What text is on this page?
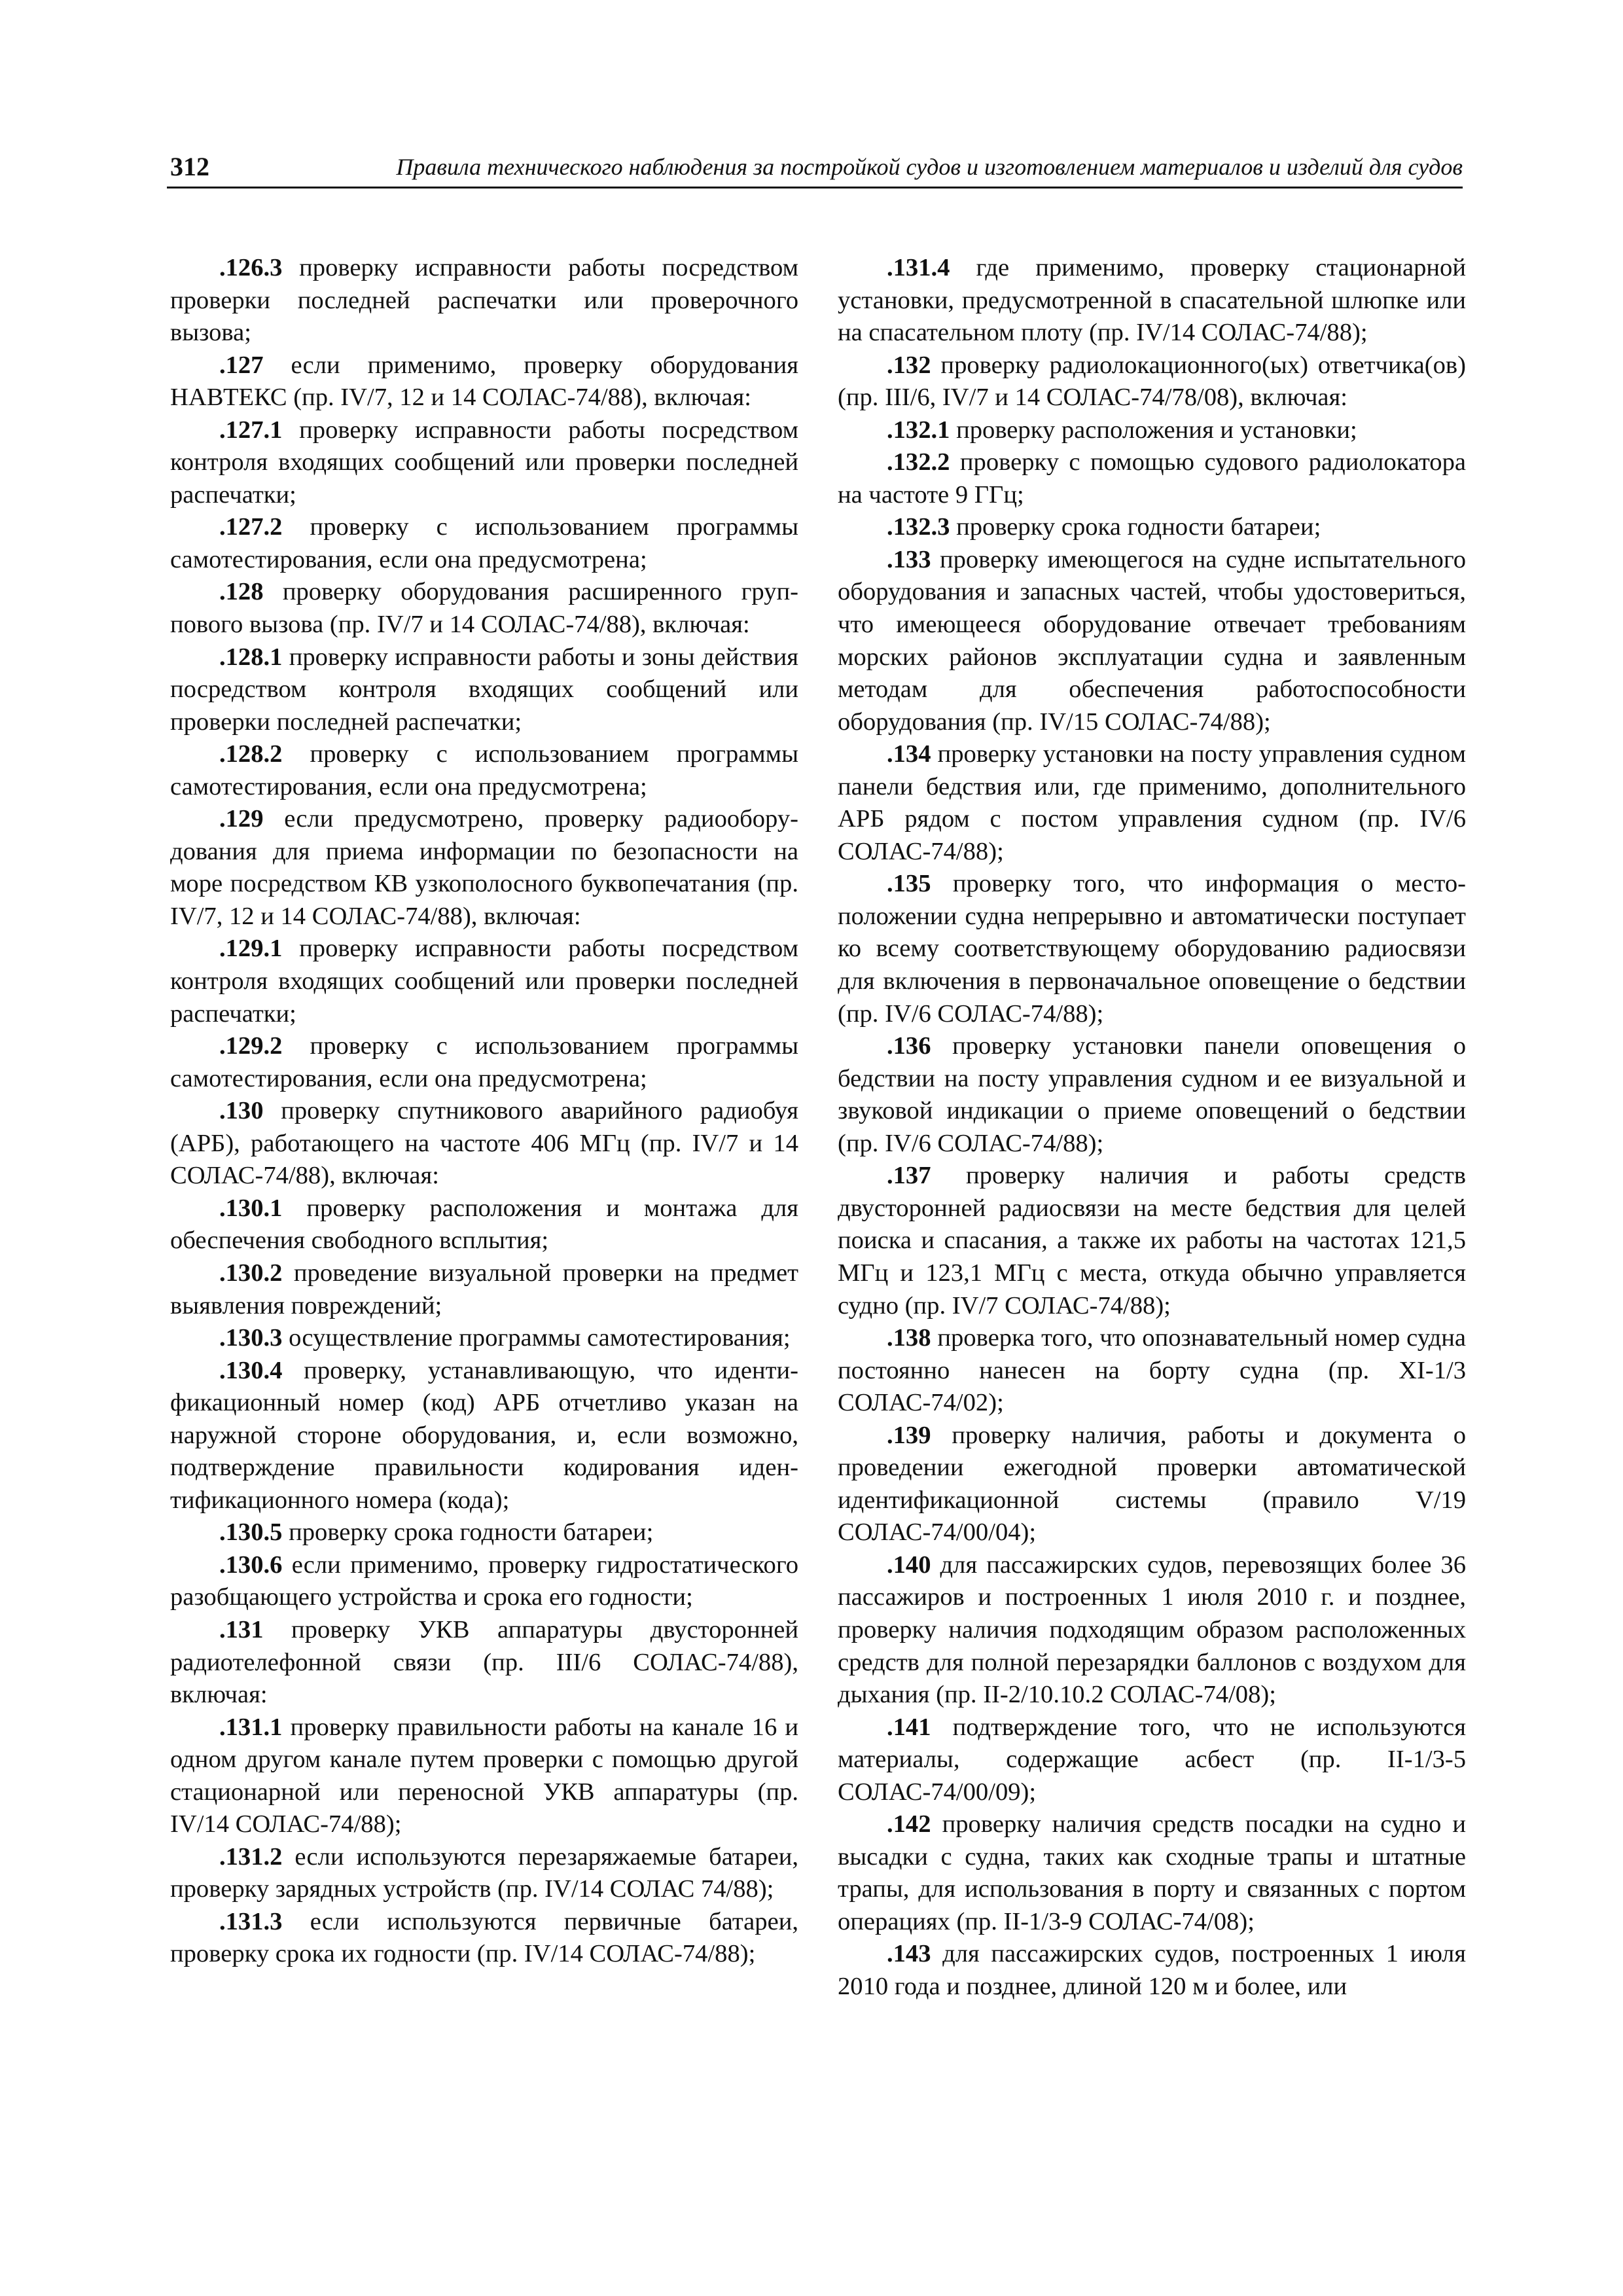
312	Правила технического наблюдения за постройкой судов и изготовлением материалов и изделий для судов

.126.3 проверку исправности работы посредством проверки последней распечатки или проверочного вызова;

.127 если применимо, проверку оборудования НАВТЕКС (пр. IV/7, 12 и 14 СОЛАС-74/88), включая:

.127.1 проверку исправности работы посредством контроля входящих сообщений или проверки последней распечатки;

.127.2 проверку с использованием программы самотестирования, если она предусмотрена;

.128 проверку оборудования расширенного группового вызова (пр. IV/7 и 14 СОЛАС-74/88), включая:

.128.1 проверку исправности работы и зоны действия посредством контроля входящих сообщений или проверки последней распечатки;

.128.2 проверку с использованием программы самотестирования, если она предусмотрена;

.129 если предусмотрено, проверку радиооборудования для приема информации по безопасности на море посредством КВ узкополосного буквопечатания (пр. IV/7, 12 и 14 СОЛАС-74/88), включая:

.129.1 проверку исправности работы посредством контроля входящих сообщений или проверки последней распечатки;

.129.2 проверку с использованием программы самотестирования, если она предусмотрена;

.130 проверку спутникового аварийного радиобуя (АРБ), работающего на частоте 406 МГц (пр. IV/7 и 14 СОЛАС-74/88), включая:

.130.1 проверку расположения и монтажа для обеспечения свободного всплытия;

.130.2 проведение визуальной проверки на предмет выявления повреждений;

.130.3 осуществление программы самотестирования;

.130.4 проверку, устанавливающую, что идентификационный номер (код) АРБ отчетливо указан на наружной стороне оборудования, и, если возможно, подтверждение правильности кодирования идентификационного номера (кода);

.130.5 проверку срока годности батареи;

.130.6 если применимо, проверку гидростатического разобщающего устройства и срока его годности;

.131 проверку УКВ аппаратуры двусторонней радиотелефонной связи (пр. III/6 СОЛАС-74/88), включая:

.131.1 проверку правильности работы на канале 16 и одном другом канале путем проверки с помощью другой стационарной или переносной УКВ аппаратуры (пр. IV/14 СОЛАС-74/88);

.131.2 если используются перезаряжаемые батареи, проверку зарядных устройств (пр. IV/14 СОЛАС 74/88);

.131.3 если используются первичные батареи, проверку срока их годности (пр. IV/14 СОЛАС-74/88);

.131.4 где применимо, проверку стационарной установки, предусмотренной в спасательной шлюпке или на спасательном плоту (пр. IV/14 СОЛАС-74/88);

.132 проверку радиолокационного(ых) ответчика(ов) (пр. III/6, IV/7 и 14 СОЛАС-74/78/08), включая:

.132.1 проверку расположения и установки;

.132.2 проверку с помощью судового радиолокатора на частоте 9 ГГц;

.132.3 проверку срока годности батареи;

.133 проверку имеющегося на судне испытательного оборудования и запасных частей, чтобы удостовериться, что имеющееся оборудование отвечает требованиям морских районов эксплуатации судна и заявленным методам для обеспечения работоспособности оборудования (пр. IV/15 СОЛАС-74/88);

.134 проверку установки на посту управления судном панели бедствия или, где применимо, дополнительного АРБ рядом с постом управления судном (пр. IV/6 СОЛАС-74/88);

.135 проверку того, что информация о местоположении судна непрерывно и автоматически поступает ко всему соответствующему оборудованию радиосвязи для включения в первоначальное оповещение о бедствии (пр. IV/6 СОЛАС-74/88);

.136 проверку установки панели оповещения о бедствии на посту управления судном и ее визуальной и звуковой индикации о приеме оповещений о бедствии (пр. IV/6 СОЛАС-74/88);

.137 проверку наличия и работы средств двусторонней радиосвязи на месте бедствия для целей поиска и спасания, а также их работы на частотах 121,5 МГц и 123,1 МГц с места, откуда обычно управляется судно (пр. IV/7 СОЛАС-74/88);

.138 проверка того, что опознавательный номер судна постоянно нанесен на борту судна (пр. XI-1/3 СОЛАС-74/02);

.139 проверку наличия, работы и документа о проведении ежегодной проверки автоматической идентификационной системы (правило V/19 СОЛАС-74/00/04);

.140 для пассажирских судов, перевозящих более 36 пассажиров и построенных 1 июля 2010 г. и позднее, проверку наличия подходящим образом расположенных средств для полной перезарядки баллонов с воздухом для дыхания (пр. II-2/10.10.2 СОЛАС-74/08);

.141 подтверждение того, что не используются материалы, содержащие асбест (пр. II-1/3-5 СОЛАС-74/00/09);

.142 проверку наличия средств посадки на судно и высадки с судна, таких как сходные трапы и штатные трапы, для использования в порту и связанных с портом операциях (пр. II-1/3-9 СОЛАС-74/08);

.143 для пассажирских судов, построенных 1 июля 2010 года и позднее, длиной 120 м и более, или
